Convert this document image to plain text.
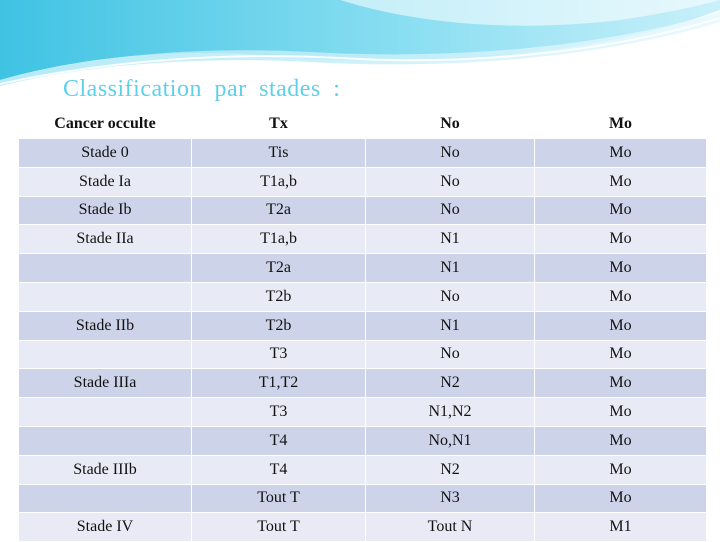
Classification par stades :
Cancer occulte	Tx	No	Mo
Stade 0	Tis	No	Mo
Stade Ia	T1a,b	No	Mo
Stade Ib	T2a	No	Mo
Stade IIa	T1a,b	N1	Mo
	T2a	N1	Mo
	T2b	No	Mo
Stade IIb	T2b	N1	Mo
	T3	No	Mo
Stade IIIa	T1,T2	N2	Mo
	T3	N1,N2	Mo
	T4	No,N1	Mo
Stade IIIb	T4	N2	Mo
	Tout T	N3	Mo
Stade IV	Tout T	Tout N	M1
